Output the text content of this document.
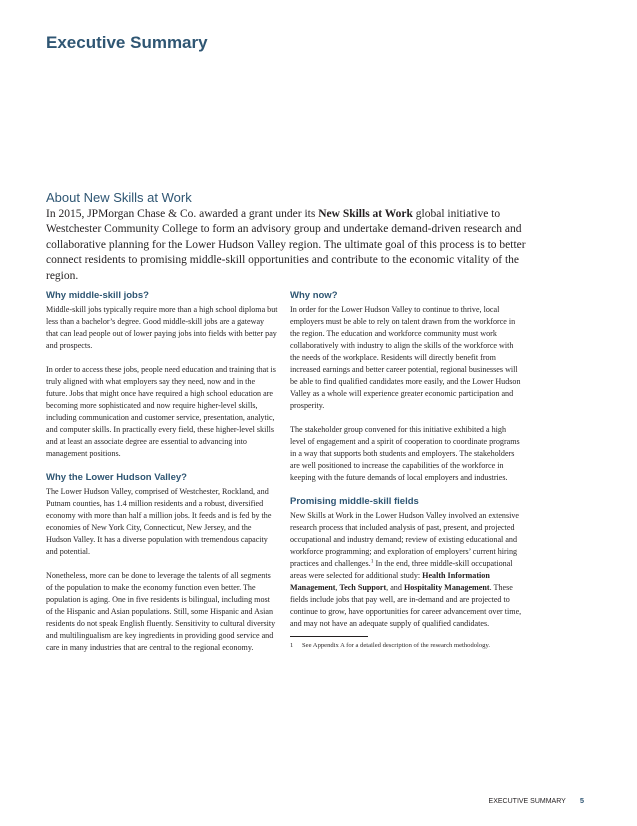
Executive Summary
About New Skills at Work

In 2015, JPMorgan Chase & Co. awarded a grant under its New Skills at Work global initiative to Westchester Community College to form an advisory group and undertake demand-driven research and collaborative planning for the Lower Hudson Valley region. The ultimate goal of this process is to better connect residents to promising middle-skill opportunities and contribute to the economic vitality of the region.

Why middle-skill jobs?

Middle-skill jobs typically require more than a high school diploma but less than a bachelor’s degree. Good middle-skill jobs are a gateway that can lead people out of lower paying jobs into fields with better pay and prospects.

In order to access these jobs, people need education and training that is truly aligned with what employers say they need, now and in the future. Jobs that might once have required a high school education are becoming more sophisticated and now require higher-level skills, including communication and customer service, presentation, analytic, and computer skills. In practically every field, these higher-level skills and at least an associate degree are essential to advancing into management positions.

Why the Lower Hudson Valley?

The Lower Hudson Valley, comprised of Westchester, Rockland, and Putnam counties, has 1.4 million residents and a robust, diversified economy with more than half a million jobs. It feeds and is fed by the economies of New York City, Connecticut, New Jersey, and the Hudson Valley. It has a diverse population with tremendous capacity and potential.

Nonetheless, more can be done to leverage the talents of all segments of the population to make the economy function even better. The population is aging. One in five residents is bilingual, including most of the Hispanic and Asian populations. Still, some Hispanic and Asian residents do not speak English fluently. Sensitivity to cultural diversity and multilingualism are key ingredients in providing good service and care in many industries that are central to the regional economy.

Why now?

In order for the Lower Hudson Valley to continue to thrive, local employers must be able to rely on talent drawn from the workforce in the region. The education and workforce community must work collaboratively with industry to align the skills of the workforce with the needs of the workplace. Residents will directly benefit from increased earnings and better career potential, regional businesses will be able to find qualified candidates more easily, and the Lower Hudson Valley as a whole will experience greater economic participation and prosperity.

The stakeholder group convened for this initiative exhibited a high level of engagement and a spirit of cooperation to coordinate programs in a way that supports both students and employers. The stakeholders are well positioned to increase the capabilities of the workforce in keeping with the future demands of local employers and industries.

Promising middle-skill fields

New Skills at Work in the Lower Hudson Valley involved an extensive research process that included analysis of past, present, and projected occupational and industry demand; review of existing educational and workforce programming; and exploration of employers’ current hiring practices and challenges.$^1$ In the end, three middle-skill occupational areas were selected for additional study: Health Information Management, Tech Support, and Hospitality Management. These fields include jobs that pay well, are in-demand and are projected to continue to grow, have opportunities for career advancement over time, and may not have an adequate supply of qualified candidates.

1	See Appendix A for a detailed description of the research methodology.

EXECUTIVE SUMMARY 5
